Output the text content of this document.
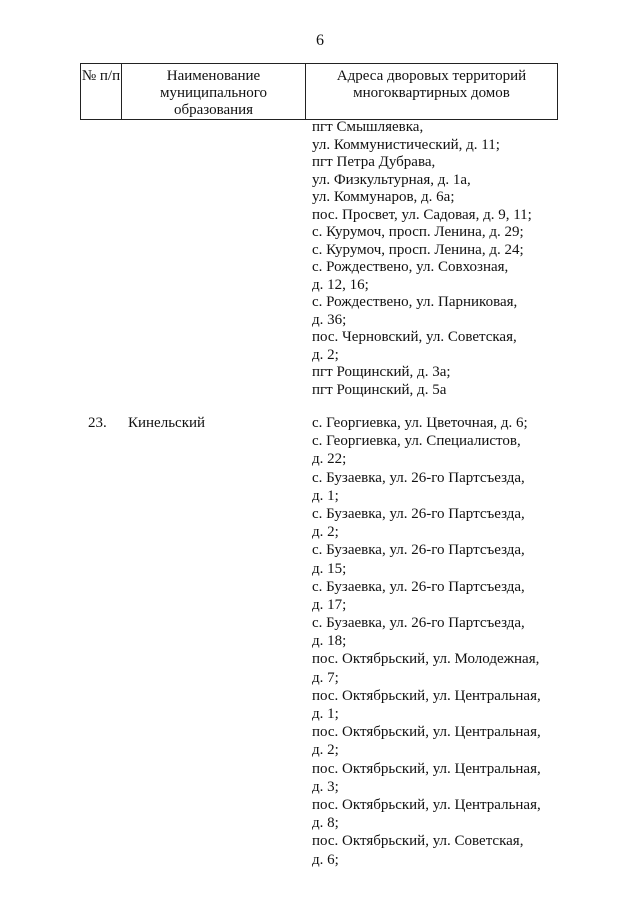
6
№ п/п	Наименование муниципального образования
Адреса дворовых территорий многоквартирных домов
пгт Смышляевка,
ул. Коммунистический, д. 11;
пгт Петра Дубрава,
ул. Физкультурная, д. 1а,
ул. Коммунаров, д. 6а;
пос. Просвет, ул. Садовая, д. 9, 11;
с. Курумоч, просп. Ленина, д. 29;
с. Курумоч, просп. Ленина, д. 24;
с. Рождествено, ул. Совхозная,
д. 12, 16;
с. Рождествено, ул. Парниковая,
д. 36;
пос. Черновский, ул. Советская,
д. 2;
пгт Рощинский, д. 3а;
пгт Рощинский, д. 5а
23. Кинельский	с. Георгиевка, ул. Цветочная, д. 6;
с. Георгиевка, ул. Специалистов,
д. 22;
с. Бузаевка, ул. 26-го Партсъезда,
д. 1;
с. Бузаевка, ул. 26-го Партсъезда,
д. 2;
с. Бузаевка, ул. 26-го Партсъезда,
д. 15;
с. Бузаевка, ул. 26-го Партсъезда,
д. 17;
с. Бузаевка, ул. 26-го Партсъезда,
д. 18;
пос. Октябрьский, ул. Молодежная,
д. 7;
пос. Октябрьский, ул. Центральная,
д. 1;
пос. Октябрьский, ул. Центральная,
д. 2;
пос. Октябрьский, ул. Центральная,
д. 3;
пос. Октябрьский, ул. Центральная,
д. 8;
пос. Октябрьский, ул. Советская,
д. 6;
